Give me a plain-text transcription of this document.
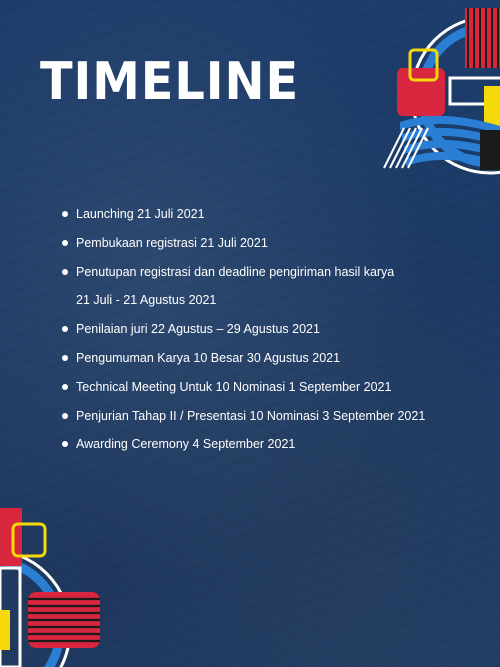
TIMELINE
Launching 21 Juli 2021
Pembukaan registrasi 21 Juli 2021
Penutupan registrasi dan deadline pengiriman hasil karya
21 Juli - 21 Agustus 2021
Penilaian juri 22 Agustus – 29 Agustus 2021
Pengumuman Karya 10 Besar 30 Agustus 2021
Technical Meeting Untuk 10 Nominasi 1 September 2021
Penjurian Tahap II / Presentasi 10 Nominasi 3 September 2021
Awarding Ceremony 4 September 2021
